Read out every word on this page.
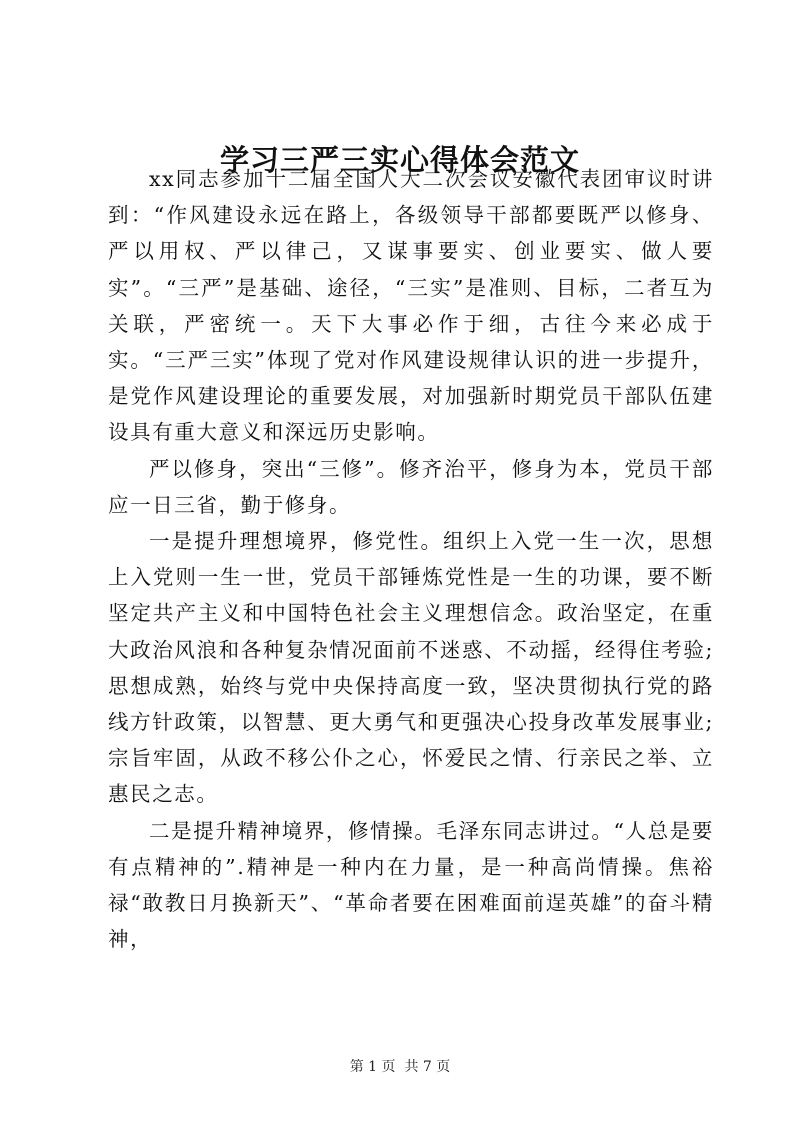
学习三严三实心得体会范文

xx同志参加十二届全国人大二次会议安徽代表团审议时讲到：“作风建设永远在路上，各级领导干部都要既严以修身、严以用权、严以律己，又谋事要实、创业要实、做人要实”。“三严”是基础、途径，“三实”是准则、目标，二者互为关联，严密统一。天下大事必作于细，古往今来必成于实。“三严三实”体现了党对作风建设规律认识的进一步提升，是党作风建设理论的重要发展，对加强新时期党员干部队伍建设具有重大意义和深远历史影响。

严以修身，突出“三修”。修齐治平，修身为本，党员干部应一日三省，勤于修身。

一是提升理想境界，修党性。组织上入党一生一次，思想上入党则一生一世，党员干部锤炼党性是一生的功课，要不断坚定共产主义和中国特色社会主义理想信念。政治坚定，在重大政治风浪和各种复杂情况面前不迷惑、不动摇，经得住考验;思想成熟，始终与党中央保持高度一致，坚决贯彻执行党的路线方针政策，以智慧、更大勇气和更强决心投身改革发展事业;宗旨牢固，从政不移公仆之心，怀爱民之情、行亲民之举、立惠民之志。

二是提升精神境界，修情操。毛泽东同志讲过。“人总是要有点精神的”.精神是一种内在力量，是一种高尚情操。焦裕禄“敢教日月换新天”、“革命者要在困难面前逞英雄”的奋斗精神，

第 1 页  共 7 页
